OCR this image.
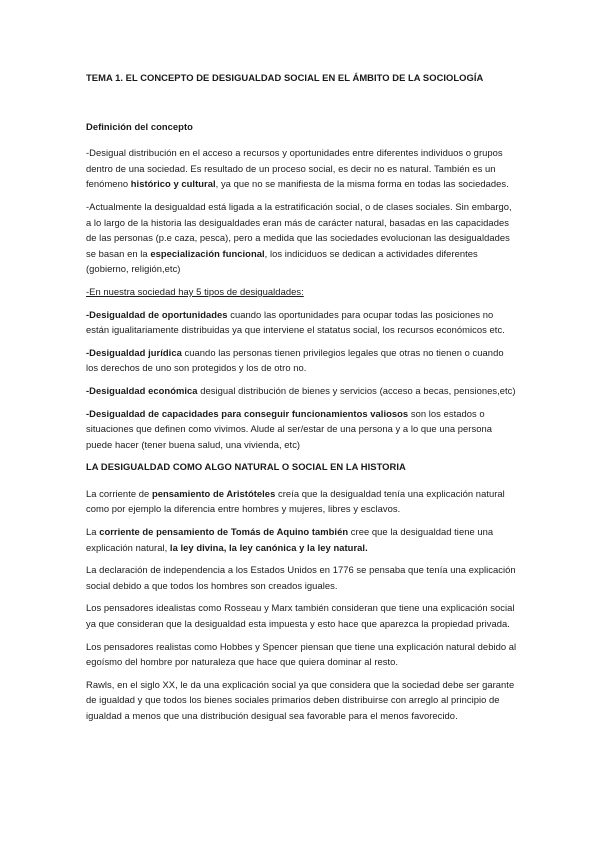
TEMA 1. EL CONCEPTO DE DESIGUALDAD SOCIAL EN EL ÁMBITO DE LA SOCIOLOGÍA

Definición del concepto

-Desigual distribución en el acceso a recursos y oportunidades entre diferentes individuos o grupos dentro de una sociedad. Es resultado de un proceso social, es decir no es natural. También es un fenómeno histórico y cultural, ya que no se manifiesta de la misma forma en todas las sociedades.

-Actualmente la desigualdad está ligada a la estratificación social, o de clases sociales. Sin embargo, a lo largo de la historia las desigualdades eran más de carácter natural, basadas en las capacidades de las personas (p.e caza, pesca), pero a medida que las sociedades evolucionan las desigualdades se basan en la especialización funcional, los indiciduos se dedican a actividades diferentes (gobierno, religión,etc)

-En nuestra sociedad hay 5 tipos de desigualdades:

-Desigualdad de oportunidades cuando las oportunidades para ocupar todas las posiciones no están igualitariamente distribuidas ya que interviene el statatus social, los recursos económicos etc.

-Desigualdad jurídica cuando las personas tienen privilegios legales que otras no tienen o cuando los derechos de uno son protegidos y los de otro no.

-Desigualdad económica desigual distribución de bienes y servicios (acceso a becas, pensiones,etc)

-Desigualdad de capacidades para conseguir funcionamientos valiosos son los estados o situaciones que definen como vivimos. Alude al ser/estar de una persona y a lo que una persona puede hacer (tener buena salud, una vivienda, etc)

LA DESIGUALDAD COMO ALGO NATURAL O SOCIAL EN LA HISTORIA

La corriente de pensamiento de Aristóteles creía que la desigualdad tenía una explicación natural como por ejemplo la diferencia entre hombres y mujeres, libres y esclavos.

La corriente de pensamiento de Tomás de Aquino también cree que la desigualdad tiene una explicación natural, la ley divina, la ley canónica y la ley natural.

La declaración de independencia a los Estados Unidos en 1776 se pensaba que tenía una explicación social debido a que todos los hombres son creados iguales.

Los pensadores idealistas como Rosseau y Marx también consideran que tiene una explicación social ya que consideran que la desigualdad esta impuesta y esto hace que aparezca la propiedad privada.

Los pensadores realistas como Hobbes y Spencer piensan que tiene una explicación natural debido al egoísmo del hombre por naturaleza que hace que quiera dominar al resto.

Rawls, en el siglo XX, le da una explicación social ya que considera que la sociedad debe ser garante de igualdad y que todos los bienes sociales primarios deben distribuirse con arreglo al principio de igualdad a menos que una distribución desigual sea favorable para el menos favorecido.
